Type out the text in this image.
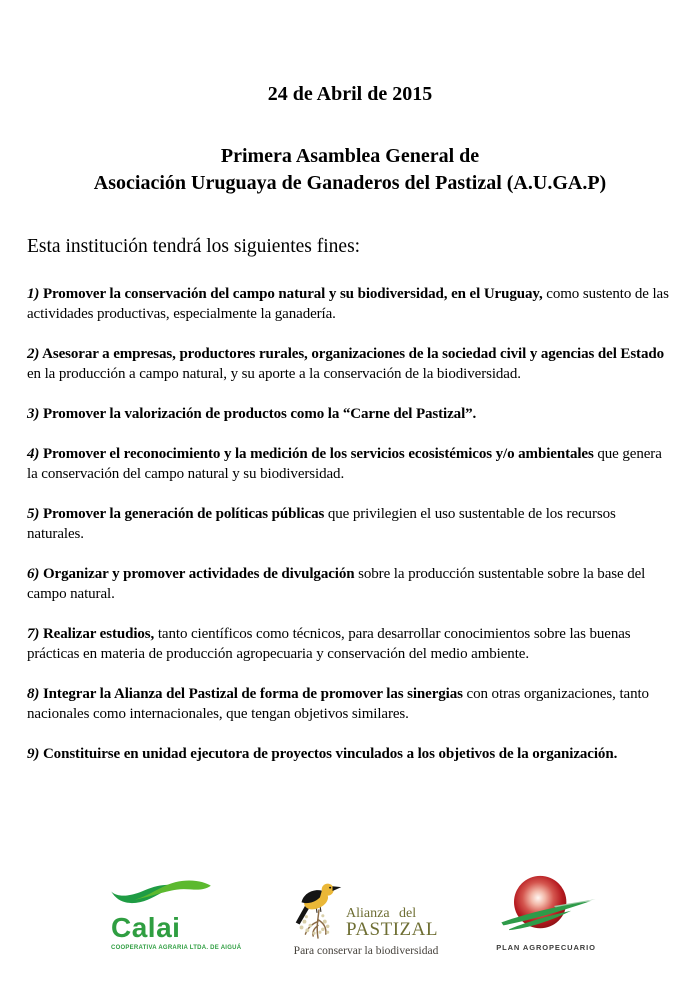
24 de Abril de 2015
Primera Asamblea General de
Asociación Uruguaya de Ganaderos del Pastizal (A.U.GA.P)
Esta institución tendrá los siguientes fines:

1) Promover la conservación del campo natural y su biodiversidad, en el Uruguay, como sustento de las actividades productivas, especialmente la ganadería.

2) Asesorar a empresas, productores rurales, organizaciones de la sociedad civil y agencias del Estado en la producción a campo natural, y su aporte a la conservación de la biodiversidad.

3) Promover la valorización de productos como la “Carne del Pastizal”.

4) Promover el reconocimiento y la medición de los servicios ecosistémicos y/o ambientales que genera la conservación del campo natural y su biodiversidad.

5) Promover la generación de políticas públicas que privilegien el uso sustentable de los recursos naturales.

6) Organizar y promover actividades de divulgación sobre la producción sustentable sobre la base del campo natural.

7) Realizar estudios, tanto científicos como técnicos, para desarrollar conocimientos sobre las buenas prácticas en materia de producción agropecuaria y conservación del medio ambiente.

8) Integrar la Alianza del Pastizal de forma de promover las sinergias con otras organizaciones, tanto nacionales como internacionales, que tengan objetivos similares.

9) Constituirse en unidad ejecutora de proyectos vinculados a los objetivos de la organización.

Calai
COOPERATIVA AGRARIA LTDA. DE AIGUÁ
Alianza del
PASTIZAL
Para conservar la biodiversidad	PLAN AGROPECUARIO
